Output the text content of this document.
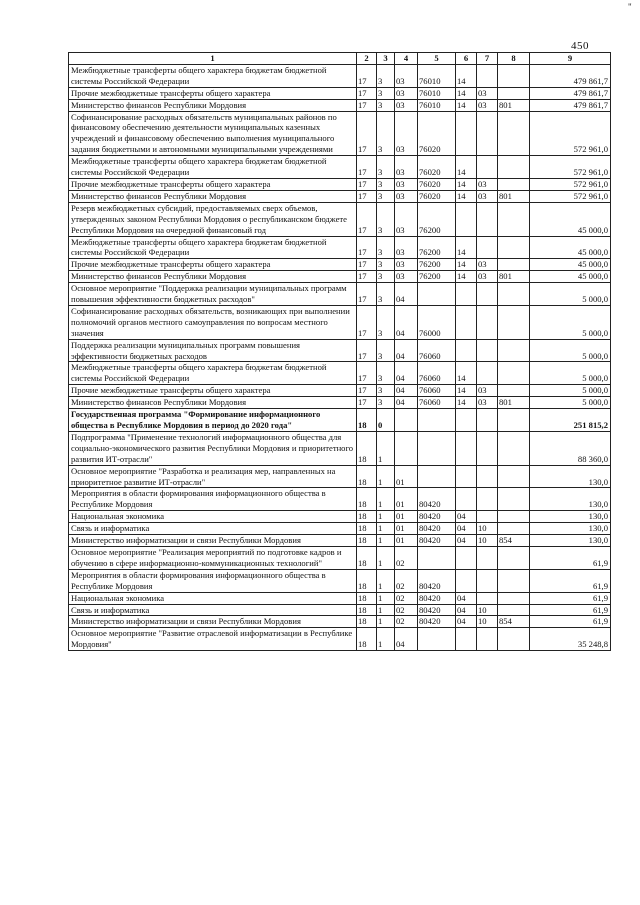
"
450
1	2	3	4	5	6	7	8	9
Межбюджетные трансферты общего характера бюджетам бюджетной системы Российской Федерации	17	3	03	76010	14			479 861,7
Прочие межбюджетные трансферты общего характера	17	3	03	76010	14	03		479 861,7
Министерство финансов Республики Мордовия	17	3	03	76010	14	03	801	479 861,7
Софинансирование расходных обязательств муниципальных районов по финансовому обеспечению деятельности муниципальных казенных учреждений и финансовому обеспечению выполнения муниципального задания бюджетными и автономными муниципальными учреждениями	17	3	03	76020				572 961,0
Межбюджетные трансферты общего характера бюджетам бюджетной системы Российской Федерации	17	3	03	76020	14			572 961,0
Прочие межбюджетные трансферты общего характера	17	3	03	76020	14	03		572 961,0
Министерство финансов Республики Мордовия	17	3	03	76020	14	03	801	572 961,0
Резерв межбюджетных субсидий, предоставляемых сверх объемов, утвержденных законом Республики Мордовия о республиканском бюджете Республики Мордовия на очередной финансовый год	17	3	03	76200				45 000,0
Межбюджетные трансферты общего характера бюджетам бюджетной системы Российской Федерации	17	3	03	76200	14			45 000,0
Прочие межбюджетные трансферты общего характера	17	3	03	76200	14	03		45 000,0
Министерство финансов Республики Мордовия	17	3	03	76200	14	03	801	45 000,0
Основное мероприятие "Поддержка реализации муниципальных программ повышения эффективности бюджетных расходов"	17	3	04					5 000,0
Софинансирование расходных обязательств, возникающих при выполнении полномочий органов местного самоуправления по вопросам местного значения	17	3	04	76000				5 000,0
Поддержка реализации муниципальных программ повышения эффективности бюджетных расходов	17	3	04	76060				5 000,0
Межбюджетные трансферты общего характера бюджетам бюджетной системы Российской Федерации	17	3	04	76060	14			5 000,0
Прочие межбюджетные трансферты общего характера	17	3	04	76060	14	03		5 000,0
Министерство финансов Республики Мордовия	17	3	04	76060	14	03	801	5 000,0
Государственная программа "Формирование информационного общества в Республике Мордовия в период до 2020 года"	18	0						251 815,2
Подпрограмма "Применение технологий информационного общества для социально-экономического развития Республики Мордовия и приоритетного развития ИТ-отрасли"	18	1						88 360,0
Основное мероприятие "Разработка и реализация мер, направленных на приоритетное развитие ИТ-отрасли"	18	1	01					130,0
Мероприятия в области формирования информационного общества в Республике Мордовия	18	1	01	80420				130,0
Национальная экономика	18	1	01	80420	04			130,0
Связь и информатика	18	1	01	80420	04	10		130,0
Министерство информатизации и связи Республики Мордовия	18	1	01	80420	04	10	854	130,0
Основное мероприятие "Реализация мероприятий по подготовке кадров и обучению в сфере информационно-коммуникационных технологий"	18	1	02					61,9
Мероприятия в области формирования информационного общества в Республике Мордовия	18	1	02	80420				61,9
Национальная экономика	18	1	02	80420	04			61,9
Связь и информатика	18	1	02	80420	04	10		61,9
Министерство информатизации и связи Республики Мордовия	18	1	02	80420	04	10	854	61,9
Основное мероприятие "Развитие отраслевой информатизации в Республике Мордовия"	18	1	04					35 248,8
